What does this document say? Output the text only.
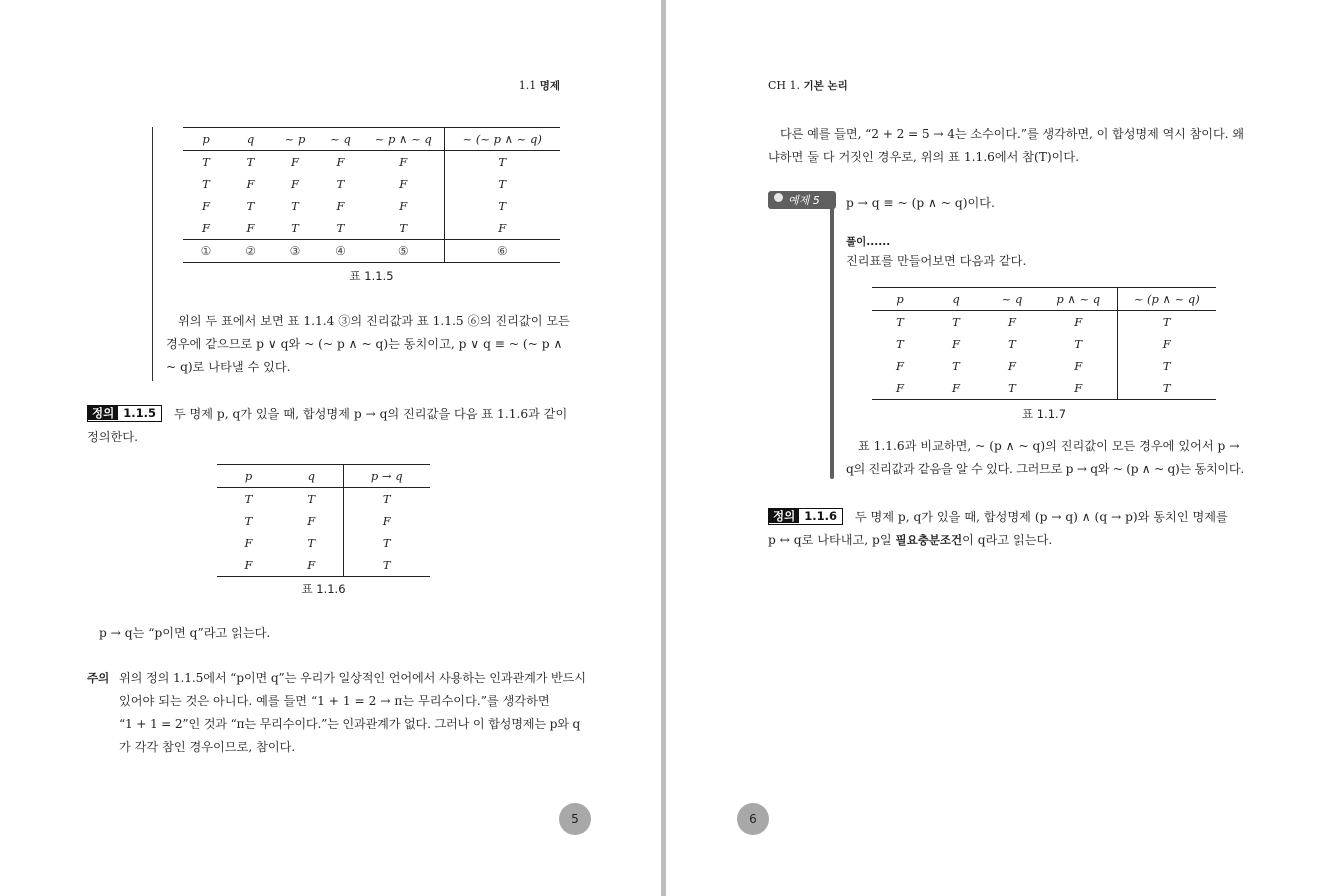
1.1 명제
p	q	~ p	~ q	~ p ∧ ~ q	~ (~ p ∧ ~ q)
T	T	F	F	F	T
T	F	F	T	F	T
F	T	T	F	F	T
F	F	T	T	T	F
①	②	③	④	⑤	⑥
표 1.1.5
위의 두 표에서 보면 표 1.1.4 ③의 진리값과 표 1.1.5 ⑥의 진리값이 모든
경우에 같으므로 p ∨ q와 ~ (~ p ∧ ~ q)는 동치이고, p ∨ q ≡ ~ (~ p ∧
~ q)로 나타낼 수 있다.
정의 1.1.5 두 명제 p, q가 있을 때, 합성명제 p → q의 진리값을 다음 표 1.1.6과 같이
정의한다.
p	q	p → q
T	T	T
T	F	F
F	T	T
F	F	T
표 1.1.6
p → q는 “p이면 q”라고 읽는다.
주의 위의 정의 1.1.5에서 “p이면 q”는 우리가 일상적인 언어에서 사용하는 인과관계가 반드시
있어야 되는 것은 아니다. 예를 들면 “1 + 1 = 2 → π는 무리수이다.”를 생각하면
“1 + 1 = 2”인 것과 “π는 무리수이다.”는 인과관계가 없다. 그러나 이 합성명제는 p와 q
가 각각 참인 경우이므로, 참이다.
5
CH 1. 기본 논리
다른 예를 들면, “2 + 2 = 5 → 4는 소수이다.”를 생각하면, 이 합성명제 역시 참이다. 왜
냐하면 둘 다 거짓인 경우로, 위의 표 1.1.6에서 참(T)이다.
예제 5 p → q ≡ ~ (p ∧ ~ q)이다.
풀이......
진리표를 만들어보면 다음과 같다.
p	q	~ q	p ∧ ~ q	~ (p ∧ ~ q)
T	T	F	F	T
T	F	T	T	F
F	T	F	F	T
F	F	T	F	T
표 1.1.7
표 1.1.6과 비교하면, ~ (p ∧ ~ q)의 진리값이 모든 경우에 있어서 p →
q의 진리값과 같음을 알 수 있다. 그러므로 p → q와 ~ (p ∧ ~ q)는 동치이다.
정의 1.1.6 두 명제 p, q가 있을 때, 합성명제 (p → q) ∧ (q → p)와 동치인 명제를
p ↔ q로 나타내고, p일 필요충분조건이 q라고 읽는다.
6
